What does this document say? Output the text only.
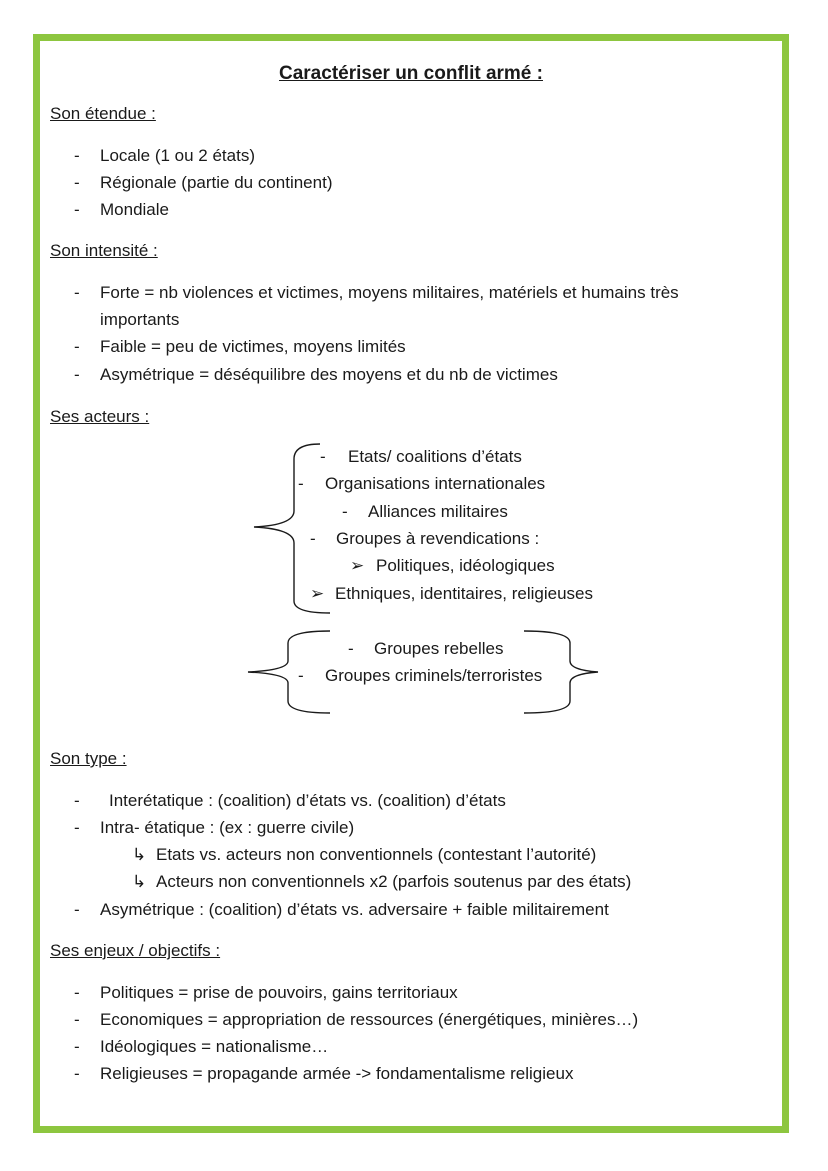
Caractériser un conflit armé :
Son étendue :
- Locale (1 ou 2 états)
- Régionale (partie du continent)
- Mondiale
Son intensité :
- Forte = nb violences et victimes, moyens militaires, matériels et humains très
importants
- Faible = peu de victimes, moyens limités
- Asymétrique = déséquilibre des moyens et du nb de victimes
Ses acteurs :
- Etats/ coalitions d’états
- Organisations internationales
- Alliances militaires
- Groupes à revendications :
➢ Politiques, idéologiques
➢ Ethniques, identitaires, religieuses
- Groupes rebelles
- Groupes criminels/terroristes
Son type :
- Interétatique : (coalition) d’états vs. (coalition) d’états
- Intra- étatique : (ex : guerre civile)
↳ Etats vs. acteurs non conventionnels (contestant l’autorité)
↳ Acteurs non conventionnels x2 (parfois soutenus par des états)
- Asymétrique : (coalition) d’états vs. adversaire + faible militairement
Ses enjeux / objectifs :
- Politiques = prise de pouvoirs, gains territoriaux
- Economiques = appropriation de ressources (énergétiques, minières…)
- Idéologiques = nationalisme…
- Religieuses = propagande armée -> fondamentalisme religieux
